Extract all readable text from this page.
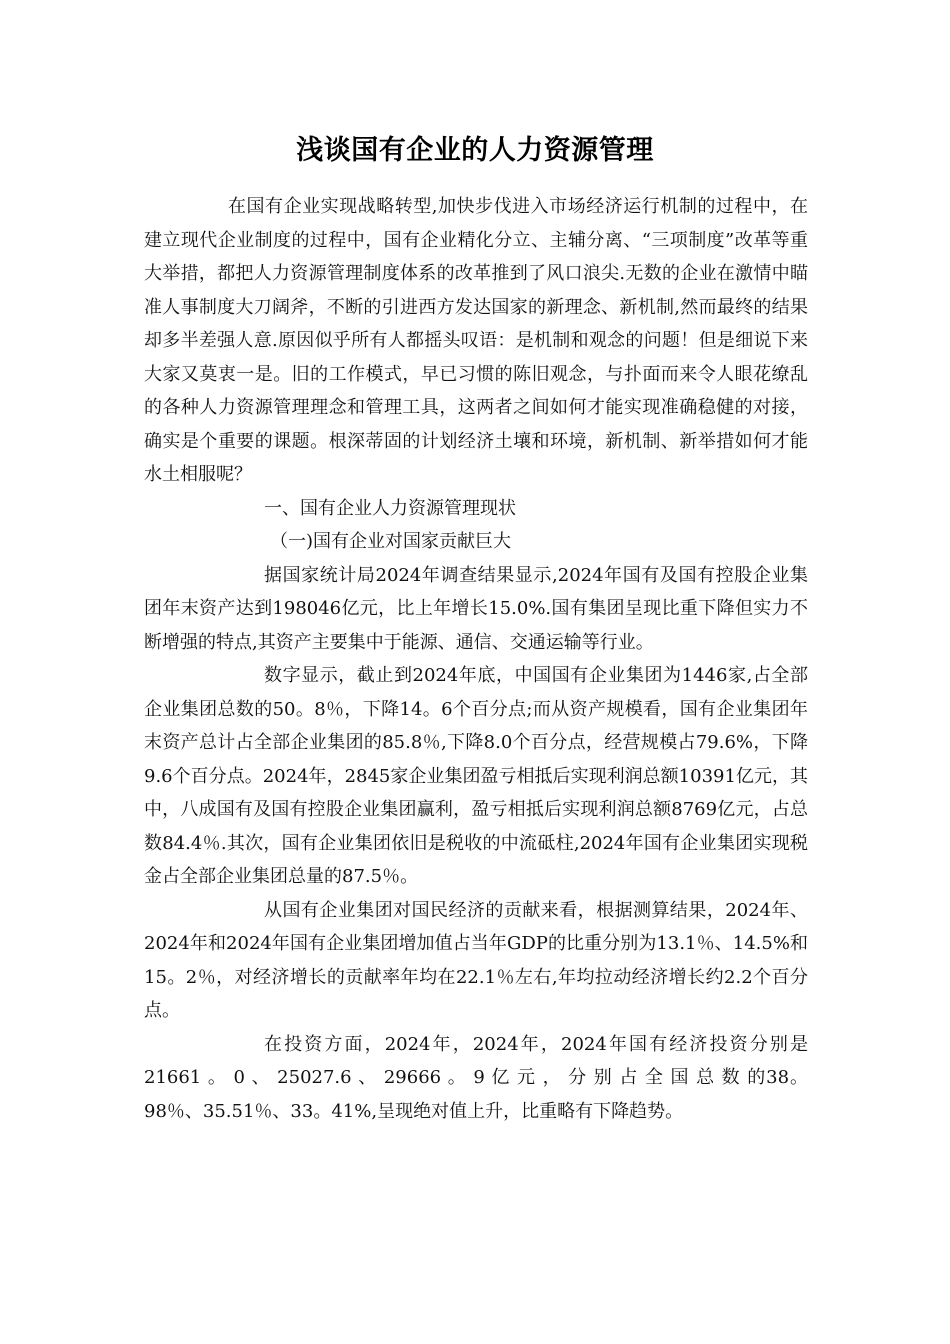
浅谈国有企业的人力资源管理

在国有企业实现战略转型,加快步伐进入市场经济运行机制的过程中，在建立现代企业制度的过程中，国有企业精化分立、主辅分离、“三项制度”改革等重大举措，都把人力资源管理制度体系的改革推到了风口浪尖.无数的企业在激情中瞄准人事制度大刀阔斧，不断的引进西方发达国家的新理念、新机制,然而最终的结果却多半差强人意.原因似乎所有人都摇头叹语：是机制和观念的问题！但是细说下来大家又莫衷一是。旧的工作模式，早已习惯的陈旧观念，与扑面而来令人眼花缭乱的各种人力资源管理理念和管理工具，这两者之间如何才能实现准确稳健的对接，确实是个重要的课题。根深蒂固的计划经济土壤和环境，新机制、新举措如何才能水土相服呢？

一、国有企业人力资源管理现状

（一)国有企业对国家贡献巨大

据国家统计局2024年调查结果显示,2024年国有及国有控股企业集团年末资产达到198046亿元，比上年增长15.0%.国有集团呈现比重下降但实力不断增强的特点,其资产主要集中于能源、通信、交通运输等行业。

数字显示，截止到2024年底，中国国有企业集团为1446家,占全部企业集团总数的50。8％，下降14。6个百分点;而从资产规模看，国有企业集团年末资产总计占全部企业集团的85.8％,下降8.0个百分点，经营规模占79.6%，下降9.6个百分点。2024年，2845家企业集团盈亏相抵后实现利润总额10391亿元，其中，八成国有及国有控股企业集团赢利，盈亏相抵后实现利润总额8769亿元，占总数84.4％.其次，国有企业集团依旧是税收的中流砥柱,2024年国有企业集团实现税金占全部企业集团总量的87.5％。

从国有企业集团对国民经济的贡献来看，根据测算结果，2024年、2024年和2024年国有企业集团增加值占当年GDP的比重分别为13.1％、14.5%和15。2％，对经济增长的贡献率年均在22.1％左右,年均拉动经济增长约2.2个百分点。

在投资方面，2024年，2024年，2024年国有经济投资分别是21661 。 0 、 25027.6 、 29666 。 9 亿 元 ， 分 别 占 全 国 总 数 的38。98％、35.51％、33。41%,呈现绝对值上升，比重略有下降趋势。
